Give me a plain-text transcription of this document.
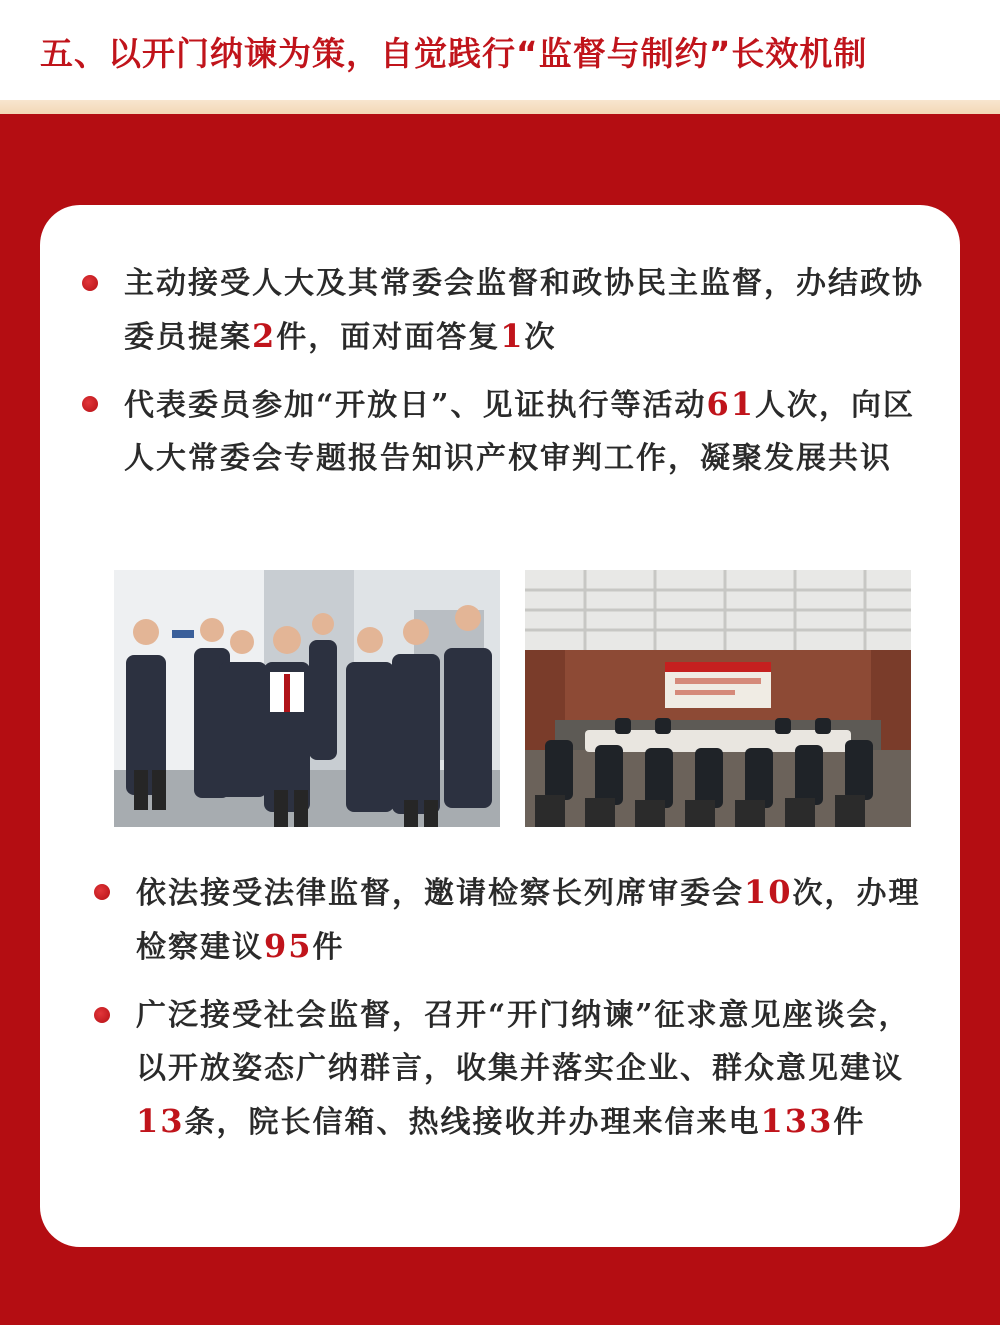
五、以开门纳谏为策，自觉践行“监督与制约”长效机制
主动接受人大及其常委会监督和政协民主监督，办结政协委员提案2件，面对面答复1次
代表委员参加“开放日”、见证执行等活动61人次，向区人大常委会专题报告知识产权审判工作，凝聚发展共识
依法接受法律监督，邀请检察长列席审委会10次，办理检察建议95件
广泛接受社会监督，召开“开门纳谏”征求意见座谈会，以开放姿态广纳群言，收集并落实企业、群众意见建议13条，院长信箱、热线接收并办理来信来电133件
